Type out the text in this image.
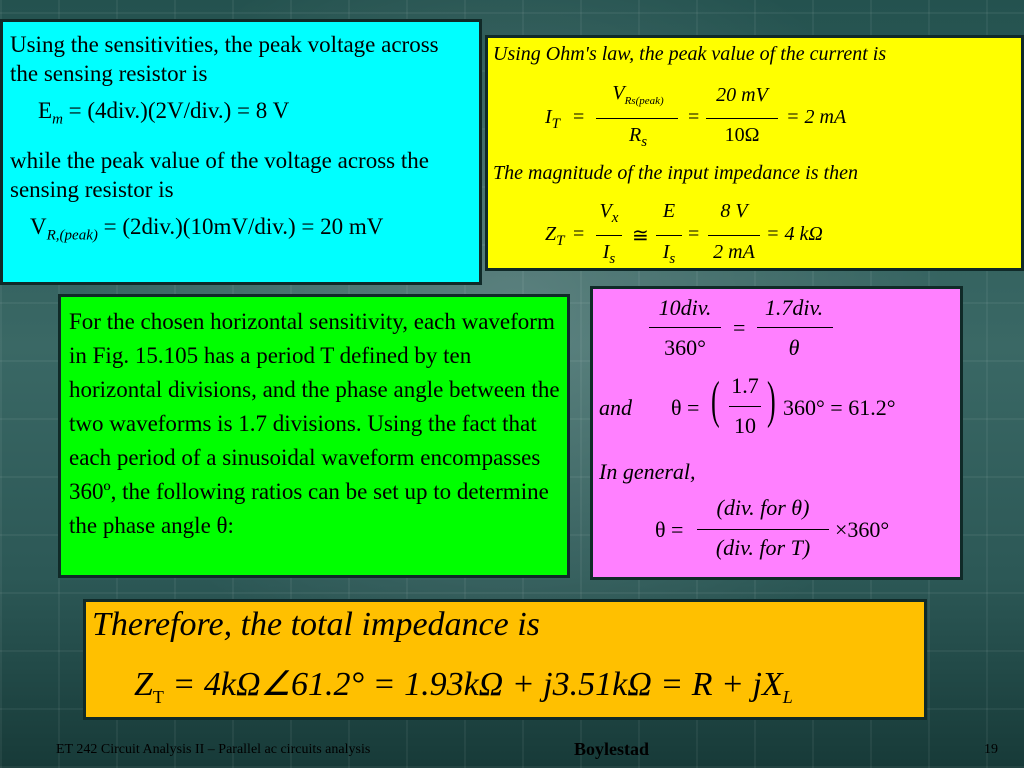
Using the sensitivities, the peak voltage across the sensing resistor is

$E_m = (4div.)(2V/div.) = 8$ V

while the peak value of the voltage across the sensing resistor is

$V_{R,(peak)} = (2div.)(10mV/div.) = 20$ mV

Using Ohm's law, the peak value of the current is
$I_T$ =
$V_{Rs(peak)}$
$R_s$
=
20 mV
10Ω
= 2 mA
The magnitude of the input impedance is then
$Z_T$ =
$V_x$
$I_s$
≅
E
$I_s$
=
8 V
2 mA
= 4 kΩ

For the chosen horizontal sensitivity, each waveform in Fig. 15.105 has a period T defined by ten horizontal divisions, and the phase angle between the two waveforms is 1.7 divisions. Using the fact that each period of a sinusoidal waveform encompasses 360º, the following ratios can be set up to determine the phase angle θ:

10div.
360°
=
1.7div.
θ
and θ = ( 1.7
10 ) 360° = 61.2°
In general,
θ =
(div. for θ)
(div. for T)
×360°
Therefore, the total impedance is
$Z_T$ = 4kΩ∠61.2° = $1.93k\Omega + j3.51k\Omega = R + jX_L$
ET 242 Circuit Analysis II – Parallel ac circuits analysis	Boylestad	19
